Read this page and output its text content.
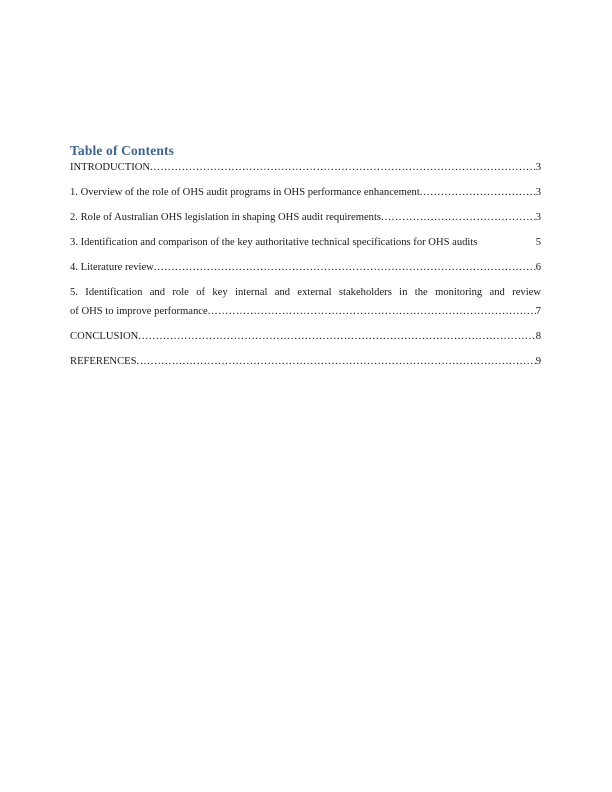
Table of Contents
INTRODUCTION .....	3
1. Overview of the role of OHS audit programs in OHS performance enhancement .....	3
2. Role of Australian OHS legislation in shaping OHS audit requirements .....	3
3. Identification and comparison of the key authoritative technical specifications for OHS audits	5
4. Literature review .....	6
5. Identification and role of key internal and external stakeholders in the monitoring and review
of OHS to improve performance .....	7
CONCLUSION .....	8
REFERENCES .....	9
